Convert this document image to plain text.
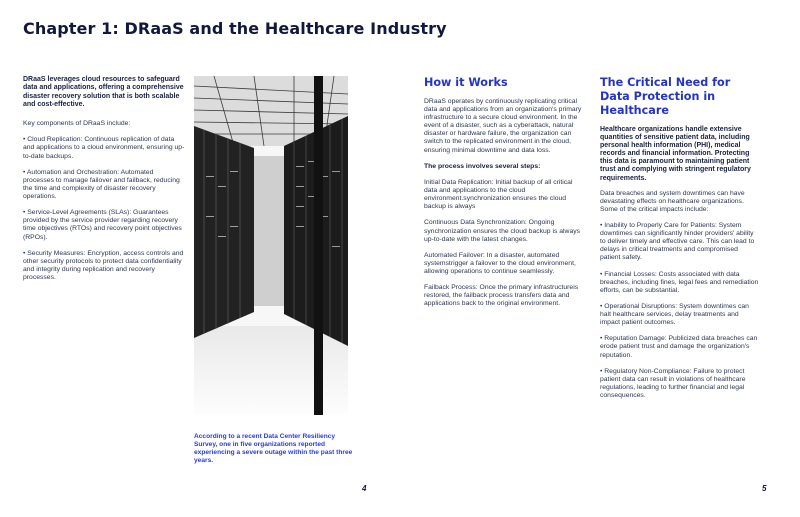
Chapter 1: DRaaS and the Healthcare Industry

DRaaS leverages cloud resources to safeguard data and applications, offering a comprehensive disaster recovery solution that is both scalable and cost-effective.

Key components of DRaaS include:

• Cloud Replication: Continuous replication of data and applications to a cloud environment, ensuring up-to-date backups.

• Automation and Orchestration: Automated processes to manage failover and failback, reducing the time and complexity of disaster recovery operations.

• Service-Level Agreements (SLAs): Guarantees provided by the service provider regarding recovery time objectives (RTOs) and recovery point objectives (RPOs).

• Security Measures: Encryption, access controls and other security protocols to protect data confidentiality and integrity during replication and recovery processes.

According to a recent Data Center Resiliency Survey, one in five organizations reported experiencing a severe outage within the past three years.

How it Works

DRaaS operates by continuously replicating critical data and applications from an organization's primary infrastructure to a secure cloud environment. In the event of a disaster, such as a cyberattack, natural disaster or hardware failure, the organization can switch to the replicated environment in the cloud, ensuring minimal downtime and data loss.

The process involves several steps:

Initial Data Replication: Initial backup of all critical data and applications to the cloud environment.synchronization ensures the cloud backup is always

Continuous Data Synchronization: Ongoing synchronization ensures the cloud backup is always up-to-date with the latest changes.

Automated Failover: In a disaster, automated systemstrigger a failover to the cloud environment, allowing operations to continue seamlessly.

Failback Process: Once the primary infrastructureis restored, the failback process transfers data and applications back to the original environment.

The Critical Need for Data Protection in Healthcare

Healthcare organizations handle extensive quantities of sensitive patient data, including personal health information (PHI), medical records and financial information. Protecting this data is paramount to maintaining patient trust and complying with stringent regulatory requirements.

Data breaches and system downtimes can have devastating effects on healthcare organizations. Some of the critical impacts include:

• Inability to Properly Care for Patients: System downtimes can significantly hinder providers' ability to deliver timely and effective care. This can lead to delays in critical treatments and compromised patient safety.

• Financial Losses: Costs associated with data breaches, including fines, legal fees and remediation efforts, can be substantial.

• Operational Disruptions: System downtimes can halt healthcare services, delay treatments and impact patient outcomes.

• Reputation Damage: Publicized data breaches can erode patient trust and damage the organization's reputation.

• Regulatory Non-Compliance: Failure to protect patient data can result in violations of healthcare regulations, leading to further financial and legal consequences.

4	5
